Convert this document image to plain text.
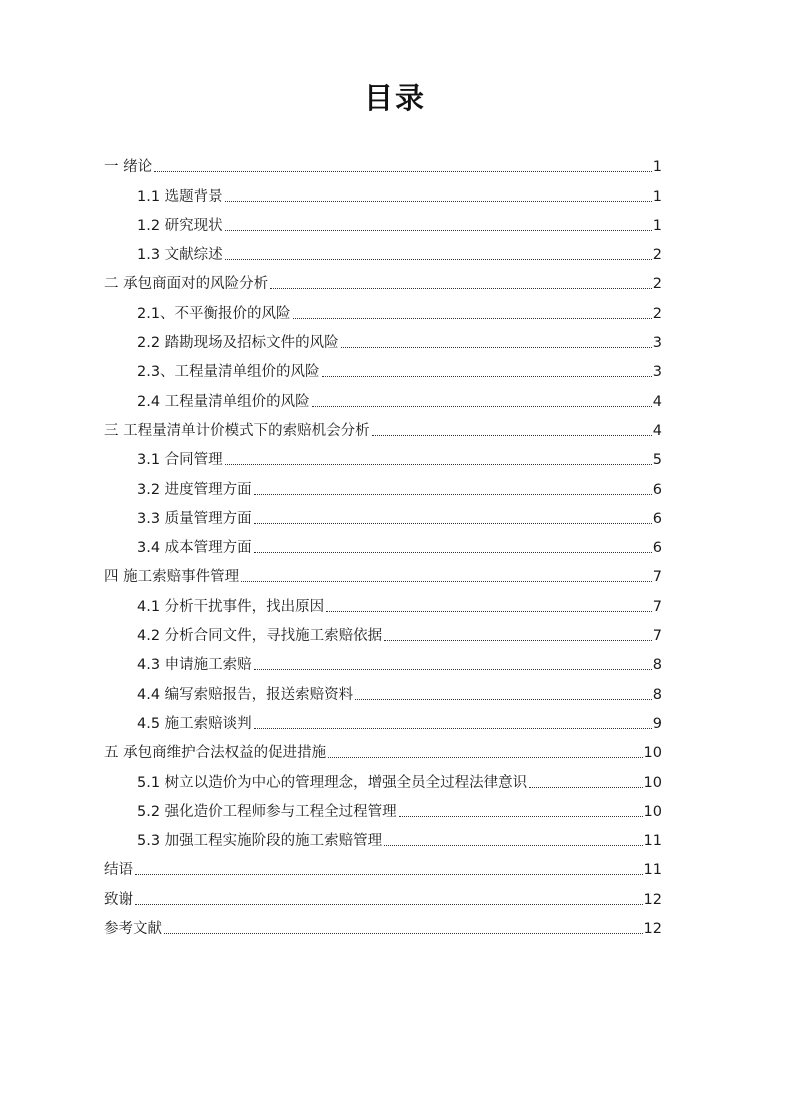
目录
一 绪论	1
1.1 选题背景	1
1.2 研究现状	1
1.3 文献综述	2
二 承包商面对的风险分析	2
2.1、不平衡报价的风险	2
2.2 踏勘现场及招标文件的风险	3
2.3、工程量清单组价的风险	3
2.4 工程量清单组价的风险	4
三 工程量清单计价模式下的索赔机会分析	4
3.1 合同管理	5
3.2 进度管理方面	6
3.3 质量管理方面	6
3.4 成本管理方面	6
四 施工索赔事件管理	7
4.1 分析干扰事件，找出原因	7
4.2 分析合同文件，寻找施工索赔依据	7
4.3 申请施工索赔	8
4.4 编写索赔报告，报送索赔资料	8
4.5 施工索赔谈判	9
五 承包商维护合法权益的促进措施	10
5.1 树立以造价为中心的管理理念，增强全员全过程法律意识	10
5.2 强化造价工程师参与工程全过程管理	10
5.3 加强工程实施阶段的施工索赔管理	11
结语	11
致谢	12
参考文献	12
